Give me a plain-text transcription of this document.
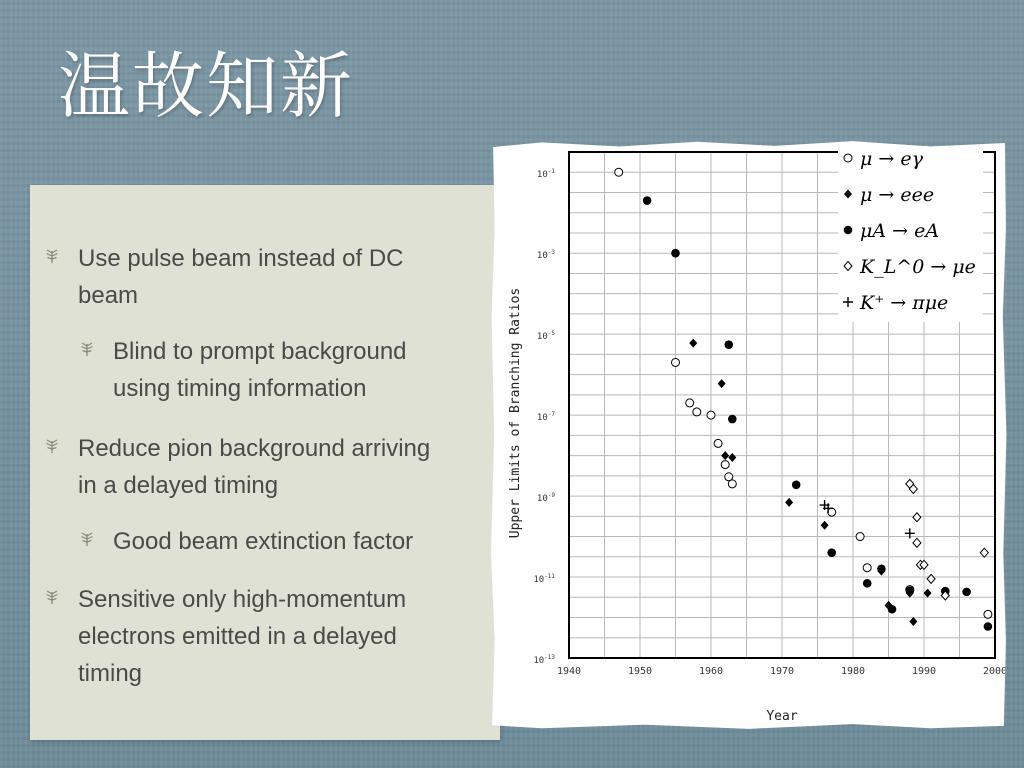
温故知新
Use pulse beam instead of DC
beam
Blind to prompt background
using timing information
Reduce pion background arriving
in a delayed timing
Good beam extinction factor
Sensitive only high-momentum
electrons emitted in a delayed
timing	1940	1950	1960	1970	1980	1990	2000
$10^{-1}$
$10^{-3}$
$10^{-5}$
$10^{-7}$
$10^{-9}$
$10^{-11}$
$10^{-13}$
Year
Upper Limits of Branching Ratios
μ → eγ
μ → eee
μA → eA
K_L^0 → μe
K⁺ → πμe
